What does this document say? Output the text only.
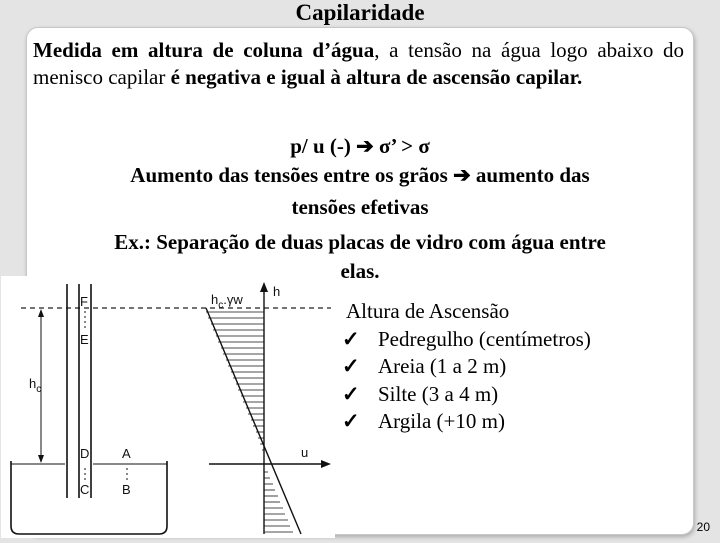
Capilaridade
Medida em altura de coluna d’água, a tensão na água logo abaixo do menisco capilar é negativa e igual à altura de ascensão capilar.
p/ u (-) ➔ σ’ > σ
Aumento das tensões entre os grãos ➔ aumento das
tensões efetivas
Ex.: Separação de duas placas de vidro com água entre
elas.
F
E
$h_c$
D
C
A
B
$h_c.\gamma w$
h
u
Altura de Ascensão
✓ Pedregulho (centímetros)
✓ Areia (1 a 2 m)
✓ Silte (3 a 4 m)
✓ Argila (+10 m)
20
